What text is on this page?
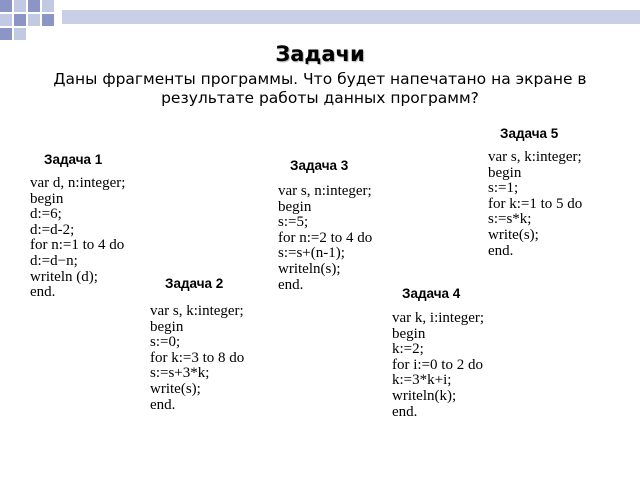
Задачи
Даны фрагменты программы. Что будет напечатано на экране в результате работы данных программ?
Задача 1
var d, n:integer;
begin
d:=6;
d:=d-2;
for n:=1 to 4 do
d:=d−n;
writeln (d);
end.
Задача 2
var s, k:integer;
begin
s:=0;
for k:=3 to 8 do
s:=s+3*k;
write(s);
end.
Задача 3
var s, n:integer;
begin
s:=5;
for n:=2 to 4 do
s:=s+(n-1);
writeln(s);
end.
Задача 4
var k, i:integer;
begin
k:=2;
for i:=0 to 2 do
k:=3*k+i;
writeln(k);
end.
Задача 5
var s, k:integer;
begin
s:=1;
for k:=1 to 5 do
s:=s*k;
write(s);
end.
